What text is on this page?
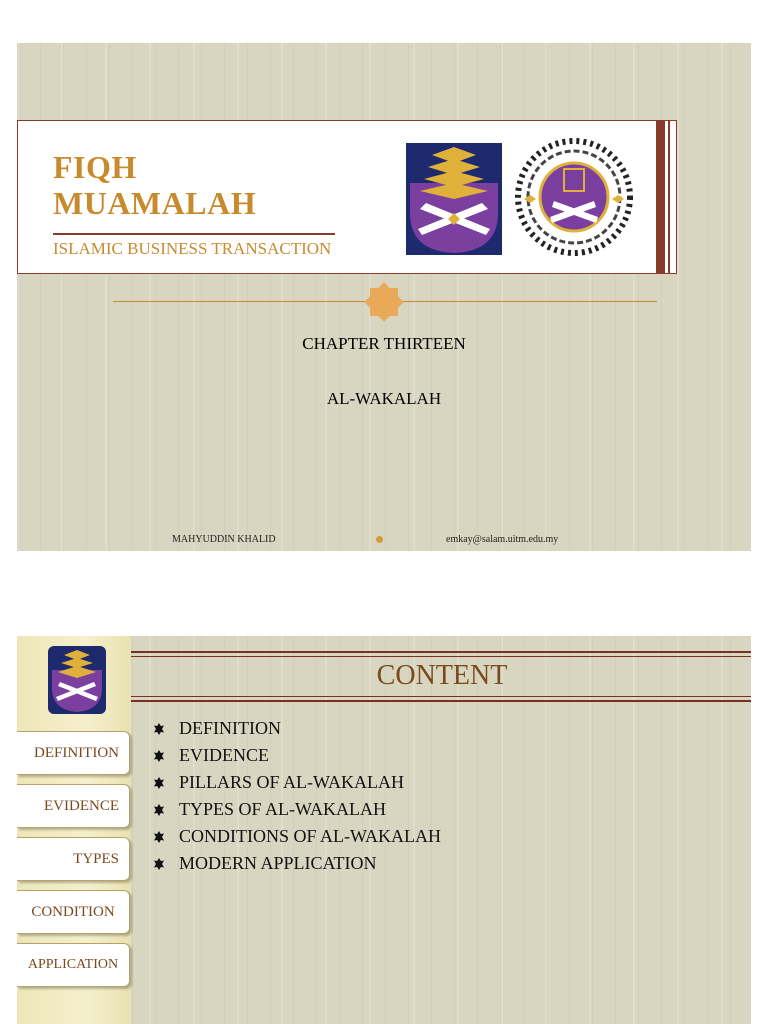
FIQH
MUAMALAH
ISLAMIC BUSINESS TRANSACTION
CHAPTER THIRTEEN
AL-WAKALAH
MAHYUDDIN KHALID	emkay@salam.uitm.edu.my
DEFINITION
EVIDENCE
TYPES
CONDITION
APPLICATION
CONTENT
DEFINITION
EVIDENCE
PILLARS OF AL-WAKALAH
TYPES OF AL-WAKALAH
CONDITIONS OF AL-WAKALAH
MODERN APPLICATION
